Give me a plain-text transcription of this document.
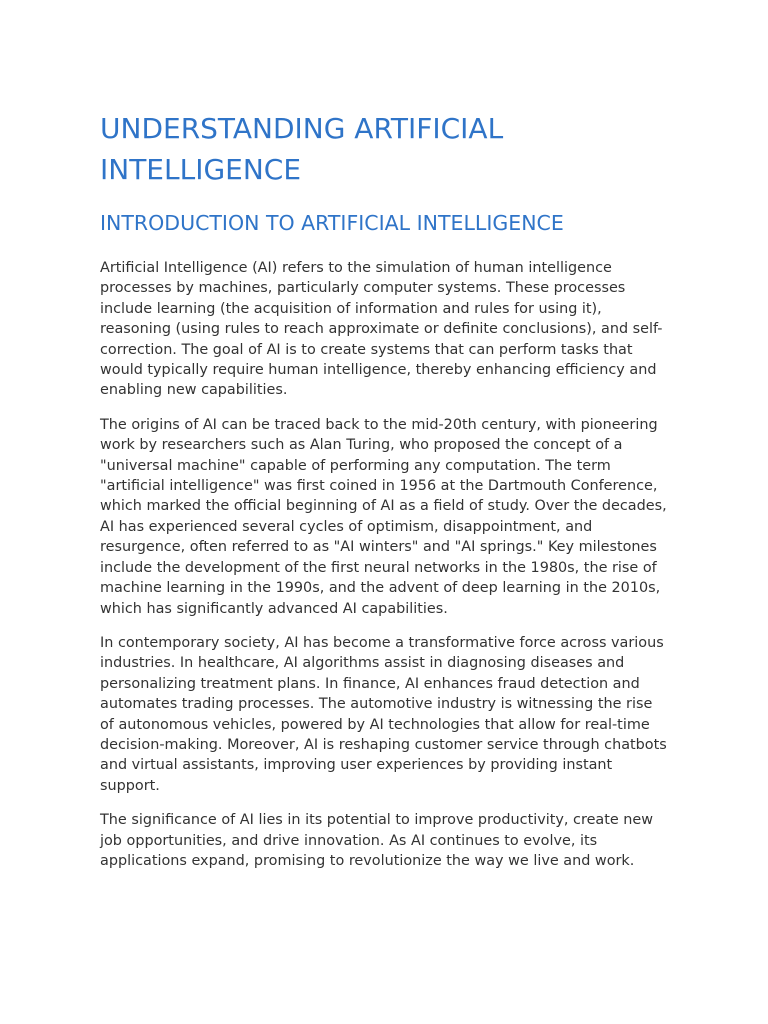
UNDERSTANDING ARTIFICIAL INTELLIGENCE
INTRODUCTION TO ARTIFICIAL INTELLIGENCE

Artificial Intelligence (AI) refers to the simulation of human intelligence processes by machines, particularly computer systems. These processes include learning (the acquisition of information and rules for using it), reasoning (using rules to reach approximate or definite conclusions), and self-correction. The goal of AI is to create systems that can perform tasks that would typically require human intelligence, thereby enhancing efficiency and enabling new capabilities.

The origins of AI can be traced back to the mid-20th century, with pioneering work by researchers such as Alan Turing, who proposed the concept of a "universal machine" capable of performing any computation. The term "artificial intelligence" was first coined in 1956 at the Dartmouth Conference, which marked the official beginning of AI as a field of study. Over the decades, AI has experienced several cycles of optimism, disappointment, and resurgence, often referred to as "AI winters" and "AI springs." Key milestones include the development of the first neural networks in the 1980s, the rise of machine learning in the 1990s, and the advent of deep learning in the 2010s, which has significantly advanced AI capabilities.

In contemporary society, AI has become a transformative force across various industries. In healthcare, AI algorithms assist in diagnosing diseases and personalizing treatment plans. In finance, AI enhances fraud detection and automates trading processes. The automotive industry is witnessing the rise of autonomous vehicles, powered by AI technologies that allow for real-time decision-making. Moreover, AI is reshaping customer service through chatbots and virtual assistants, improving user experiences by providing instant support.

The significance of AI lies in its potential to improve productivity, create new job opportunities, and drive innovation. As AI continues to evolve, its applications expand, promising to revolutionize the way we live and work.
